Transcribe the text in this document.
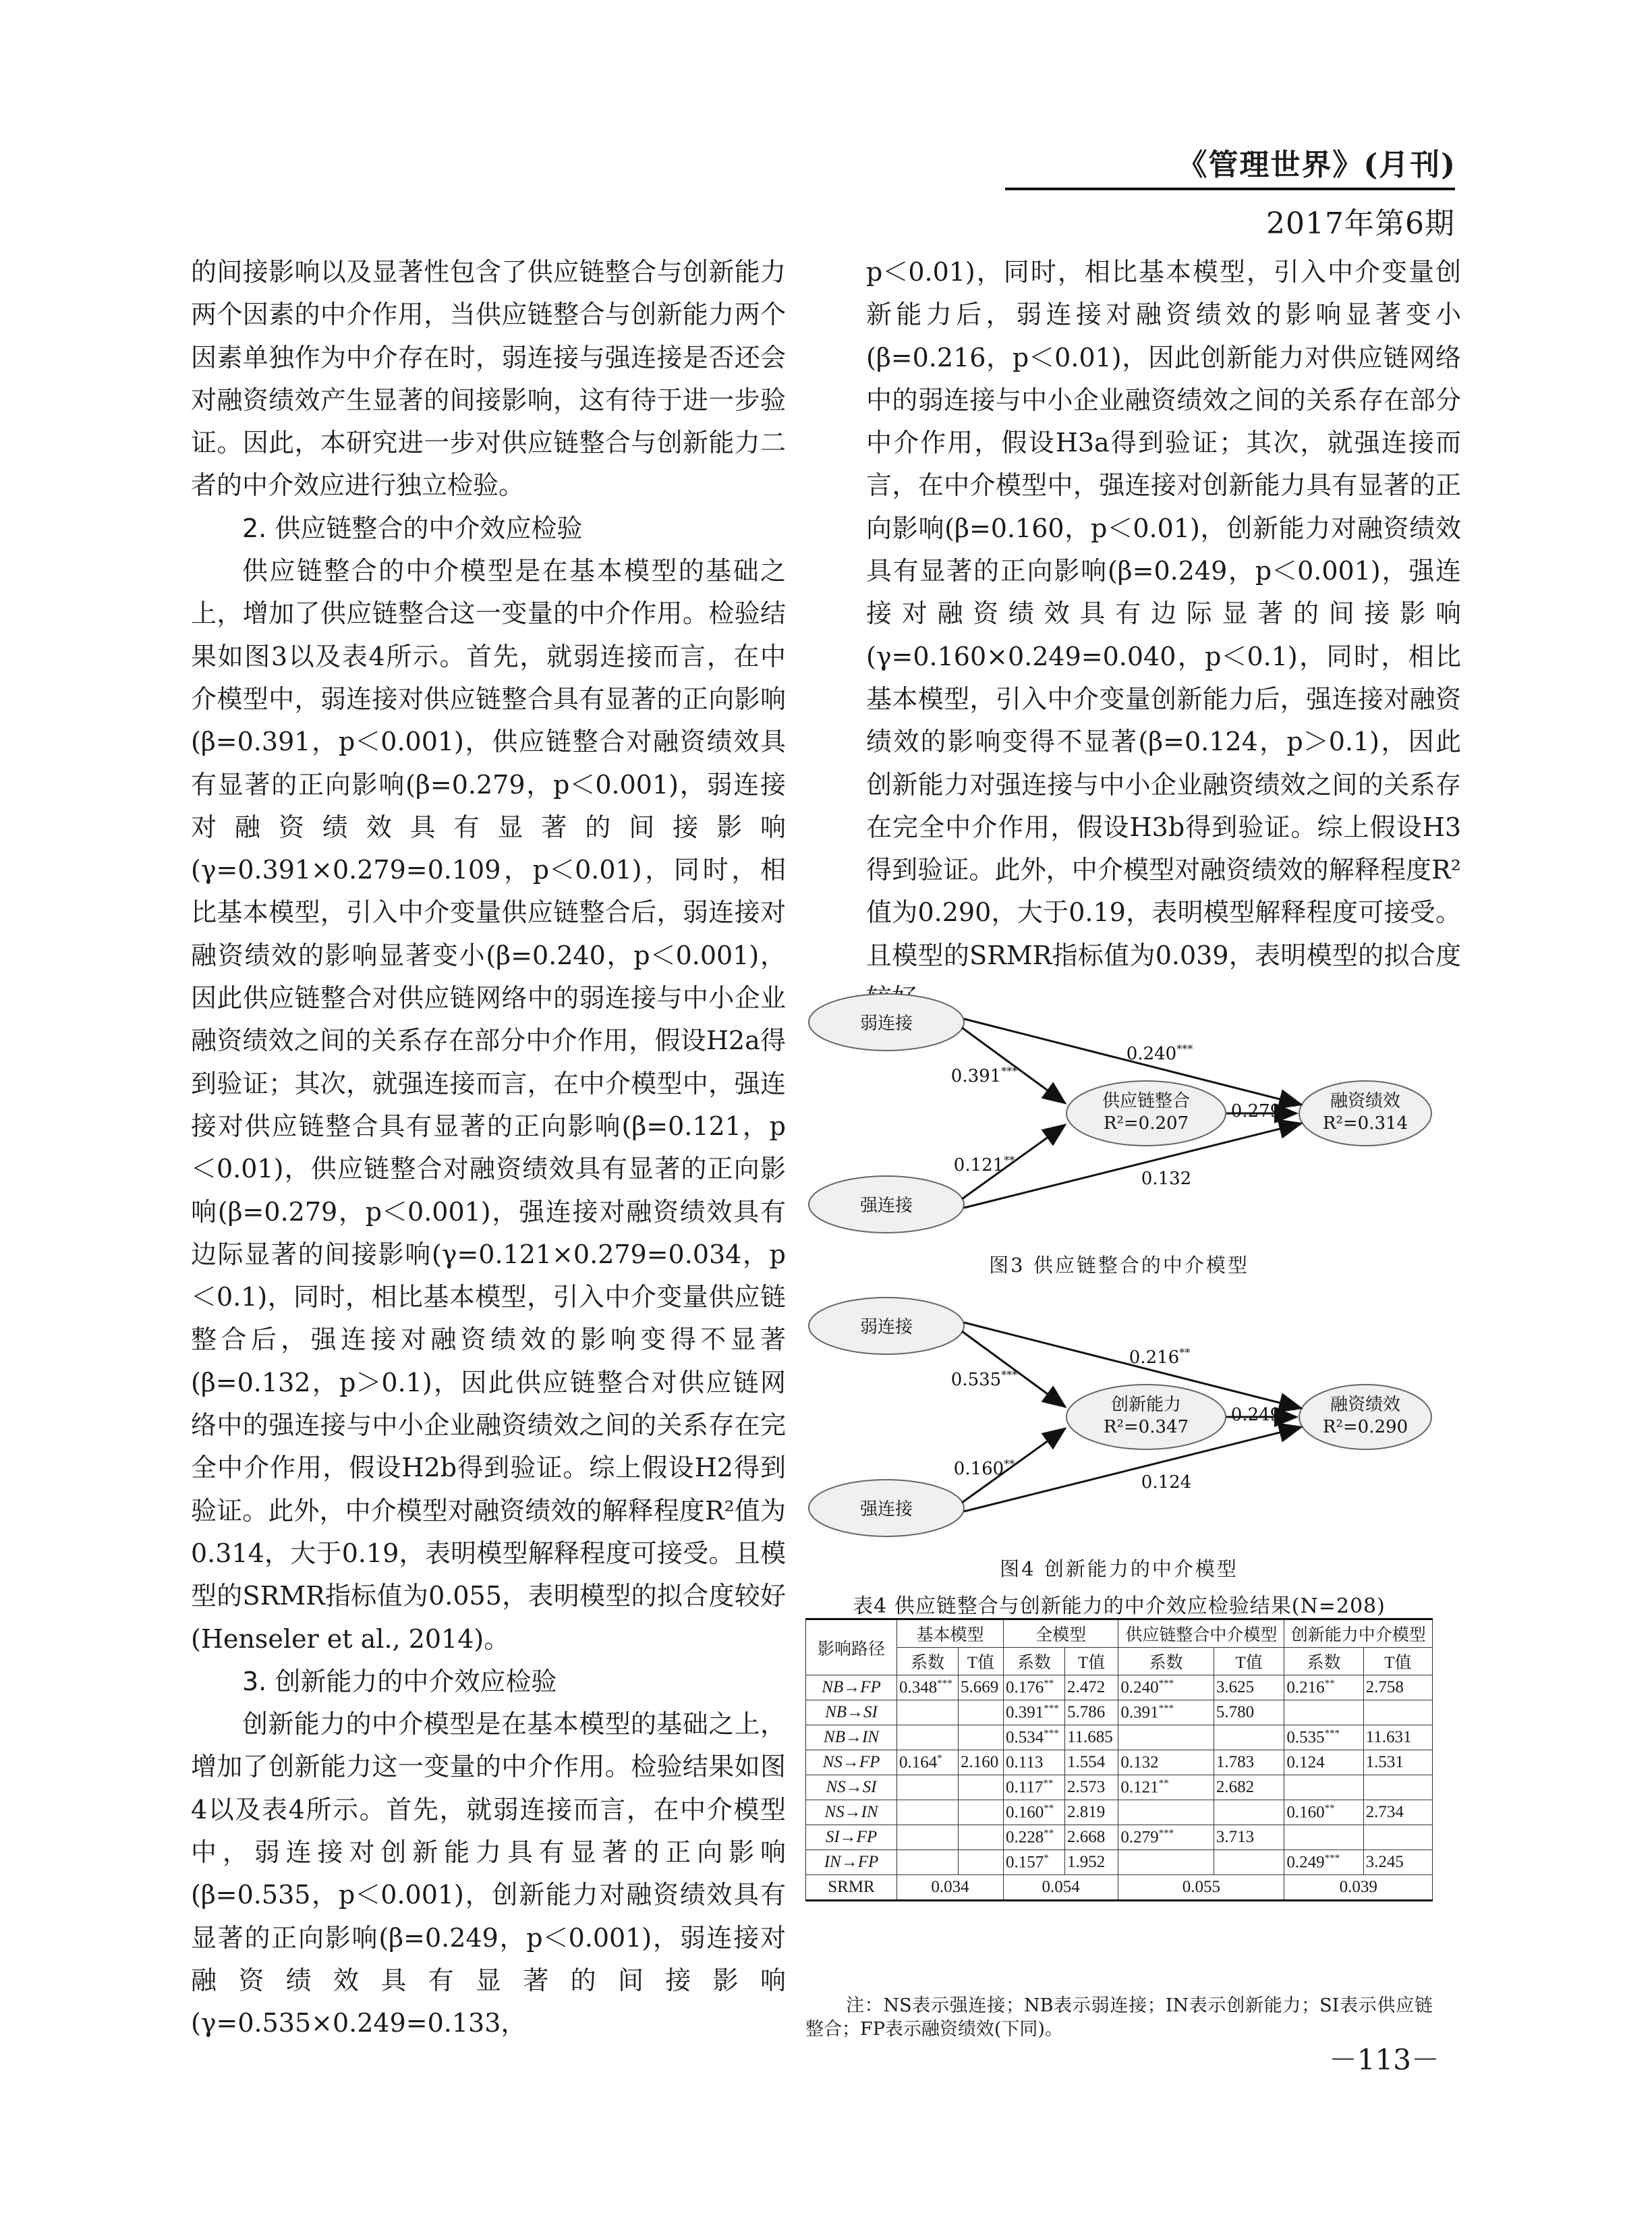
《管理世界》(月刊)
2017年第6期

的间接影响以及显著性包含了供应链整合与创新能力两个因素的中介作用，当供应链整合与创新能力两个因素单独作为中介存在时，弱连接与强连接是否还会对融资绩效产生显著的间接影响，这有待于进一步验证。因此，本研究进一步对供应链整合与创新能力二者的中介效应进行独立检验。

2. 供应链整合的中介效应检验

供应链整合的中介模型是在基本模型的基础之上，增加了供应链整合这一变量的中介作用。检验结果如图3以及表4所示。首先，就弱连接而言，在中介模型中，弱连接对供应链整合具有显著的正向影响(β=0.391，p＜0.001)，供应链整合对融资绩效具有显著的正向影响(β=0.279，p＜0.001)，弱连接对融资绩效具有显著的间接影响(γ=0.391×0.279=0.109，p＜0.01)，同时，相比基本模型，引入中介变量供应链整合后，弱连接对融资绩效的影响显著变小(β=0.240，p＜0.001)，因此供应链整合对供应链网络中的弱连接与中小企业融资绩效之间的关系存在部分中介作用，假设H2a得到验证；其次，就强连接而言，在中介模型中，强连接对供应链整合具有显著的正向影响(β=0.121，p＜0.01)，供应链整合对融资绩效具有显著的正向影响(β=0.279，p＜0.001)，强连接对融资绩效具有边际显著的间接影响(γ=0.121×0.279=0.034，p＜0.1)，同时，相比基本模型，引入中介变量供应链整合后，强连接对融资绩效的影响变得不显著(β=0.132，p＞0.1)，因此供应链整合对供应链网络中的强连接与中小企业融资绩效之间的关系存在完全中介作用，假设H2b得到验证。综上假设H2得到验证。此外，中介模型对融资绩效的解释程度R²值为0.314，大于0.19，表明模型解释程度可接受。且模型的SRMR指标值为0.055，表明模型的拟合度较好(Henseler et al., 2014)。

3. 创新能力的中介效应检验

创新能力的中介模型是在基本模型的基础之上，增加了创新能力这一变量的中介作用。检验结果如图4以及表4所示。首先，就弱连接而言，在中介模型中，弱连接对创新能力具有显著的正向影响(β=0.535，p＜0.001)，创新能力对融资绩效具有显著的正向影响(β=0.249，p＜0.001)，弱连接对融资绩效具有显著的间接影响(γ=0.535×0.249=0.133，

p＜0.01)，同时，相比基本模型，引入中介变量创新能力后，弱连接对融资绩效的影响显著变小(β=0.216，p＜0.01)，因此创新能力对供应链网络中的弱连接与中小企业融资绩效之间的关系存在部分中介作用，假设H3a得到验证；其次，就强连接而言，在中介模型中，强连接对创新能力具有显著的正向影响(β=0.160，p＜0.01)，创新能力对融资绩效具有显著的正向影响(β=0.249，p＜0.001)，强连接对融资绩效具有边际显著的间接影响(γ=0.160×0.249=0.040，p＜0.1)，同时，相比基本模型，引入中介变量创新能力后，强连接对融资绩效的影响变得不显著(β=0.124，p＞0.1)，因此创新能力对强连接与中小企业融资绩效之间的关系存在完全中介作用，假设H3b得到验证。综上假设H3得到验证。此外，中介模型对融资绩效的解释程度R²值为0.290，大于0.19，表明模型解释程度可接受。且模型的SRMR指标值为0.039，表明模型的拟合度

弱连接
强连接
供应链整合
R²=0.207
融资绩效
R²=0.314
0.391***
0.240***
0.279***
0.121**
0.132
图3 供应链整合的中介模型
弱连接
强连接
创新能力
R²=0.347
融资绩效
R²=0.290
0.535***
0.216**
0.249***
0.160**
0.124
图4 创新能力的中介模型
表4 供应链整合与创新能力的中介效应检验结果(N=208)
影响路径	基本模型		全模型		供应链整合中介模型		创新能力中介模型	
	系数	T值	系数	T值	系数	T值	系数	T值
NB→FP	0.348***	5.669	0.176**	2.472	0.240***	3.625	0.216**	2.758
NB→SI			0.391***	5.786	0.391***	5.780		
NB→IN			0.534***	11.685			0.535***	11.631
NS→FP	0.164*	2.160	0.113	1.554	0.132	1.783	0.124	1.531
NS→SI			0.117**	2.573	0.121**	2.682		
NS→IN			0.160**	2.819			0.160**	2.734
SI→FP			0.228**	2.668	0.279***	3.713		
IN→FP			0.157*	1.952			0.249***	3.245
SRMR	0.034		0.054		0.055		0.039	
注：NS表示强连接；NB表示弱连接；IN表示创新能力；SI表示供应链整合；FP表示融资绩效(下同)。
－113－
